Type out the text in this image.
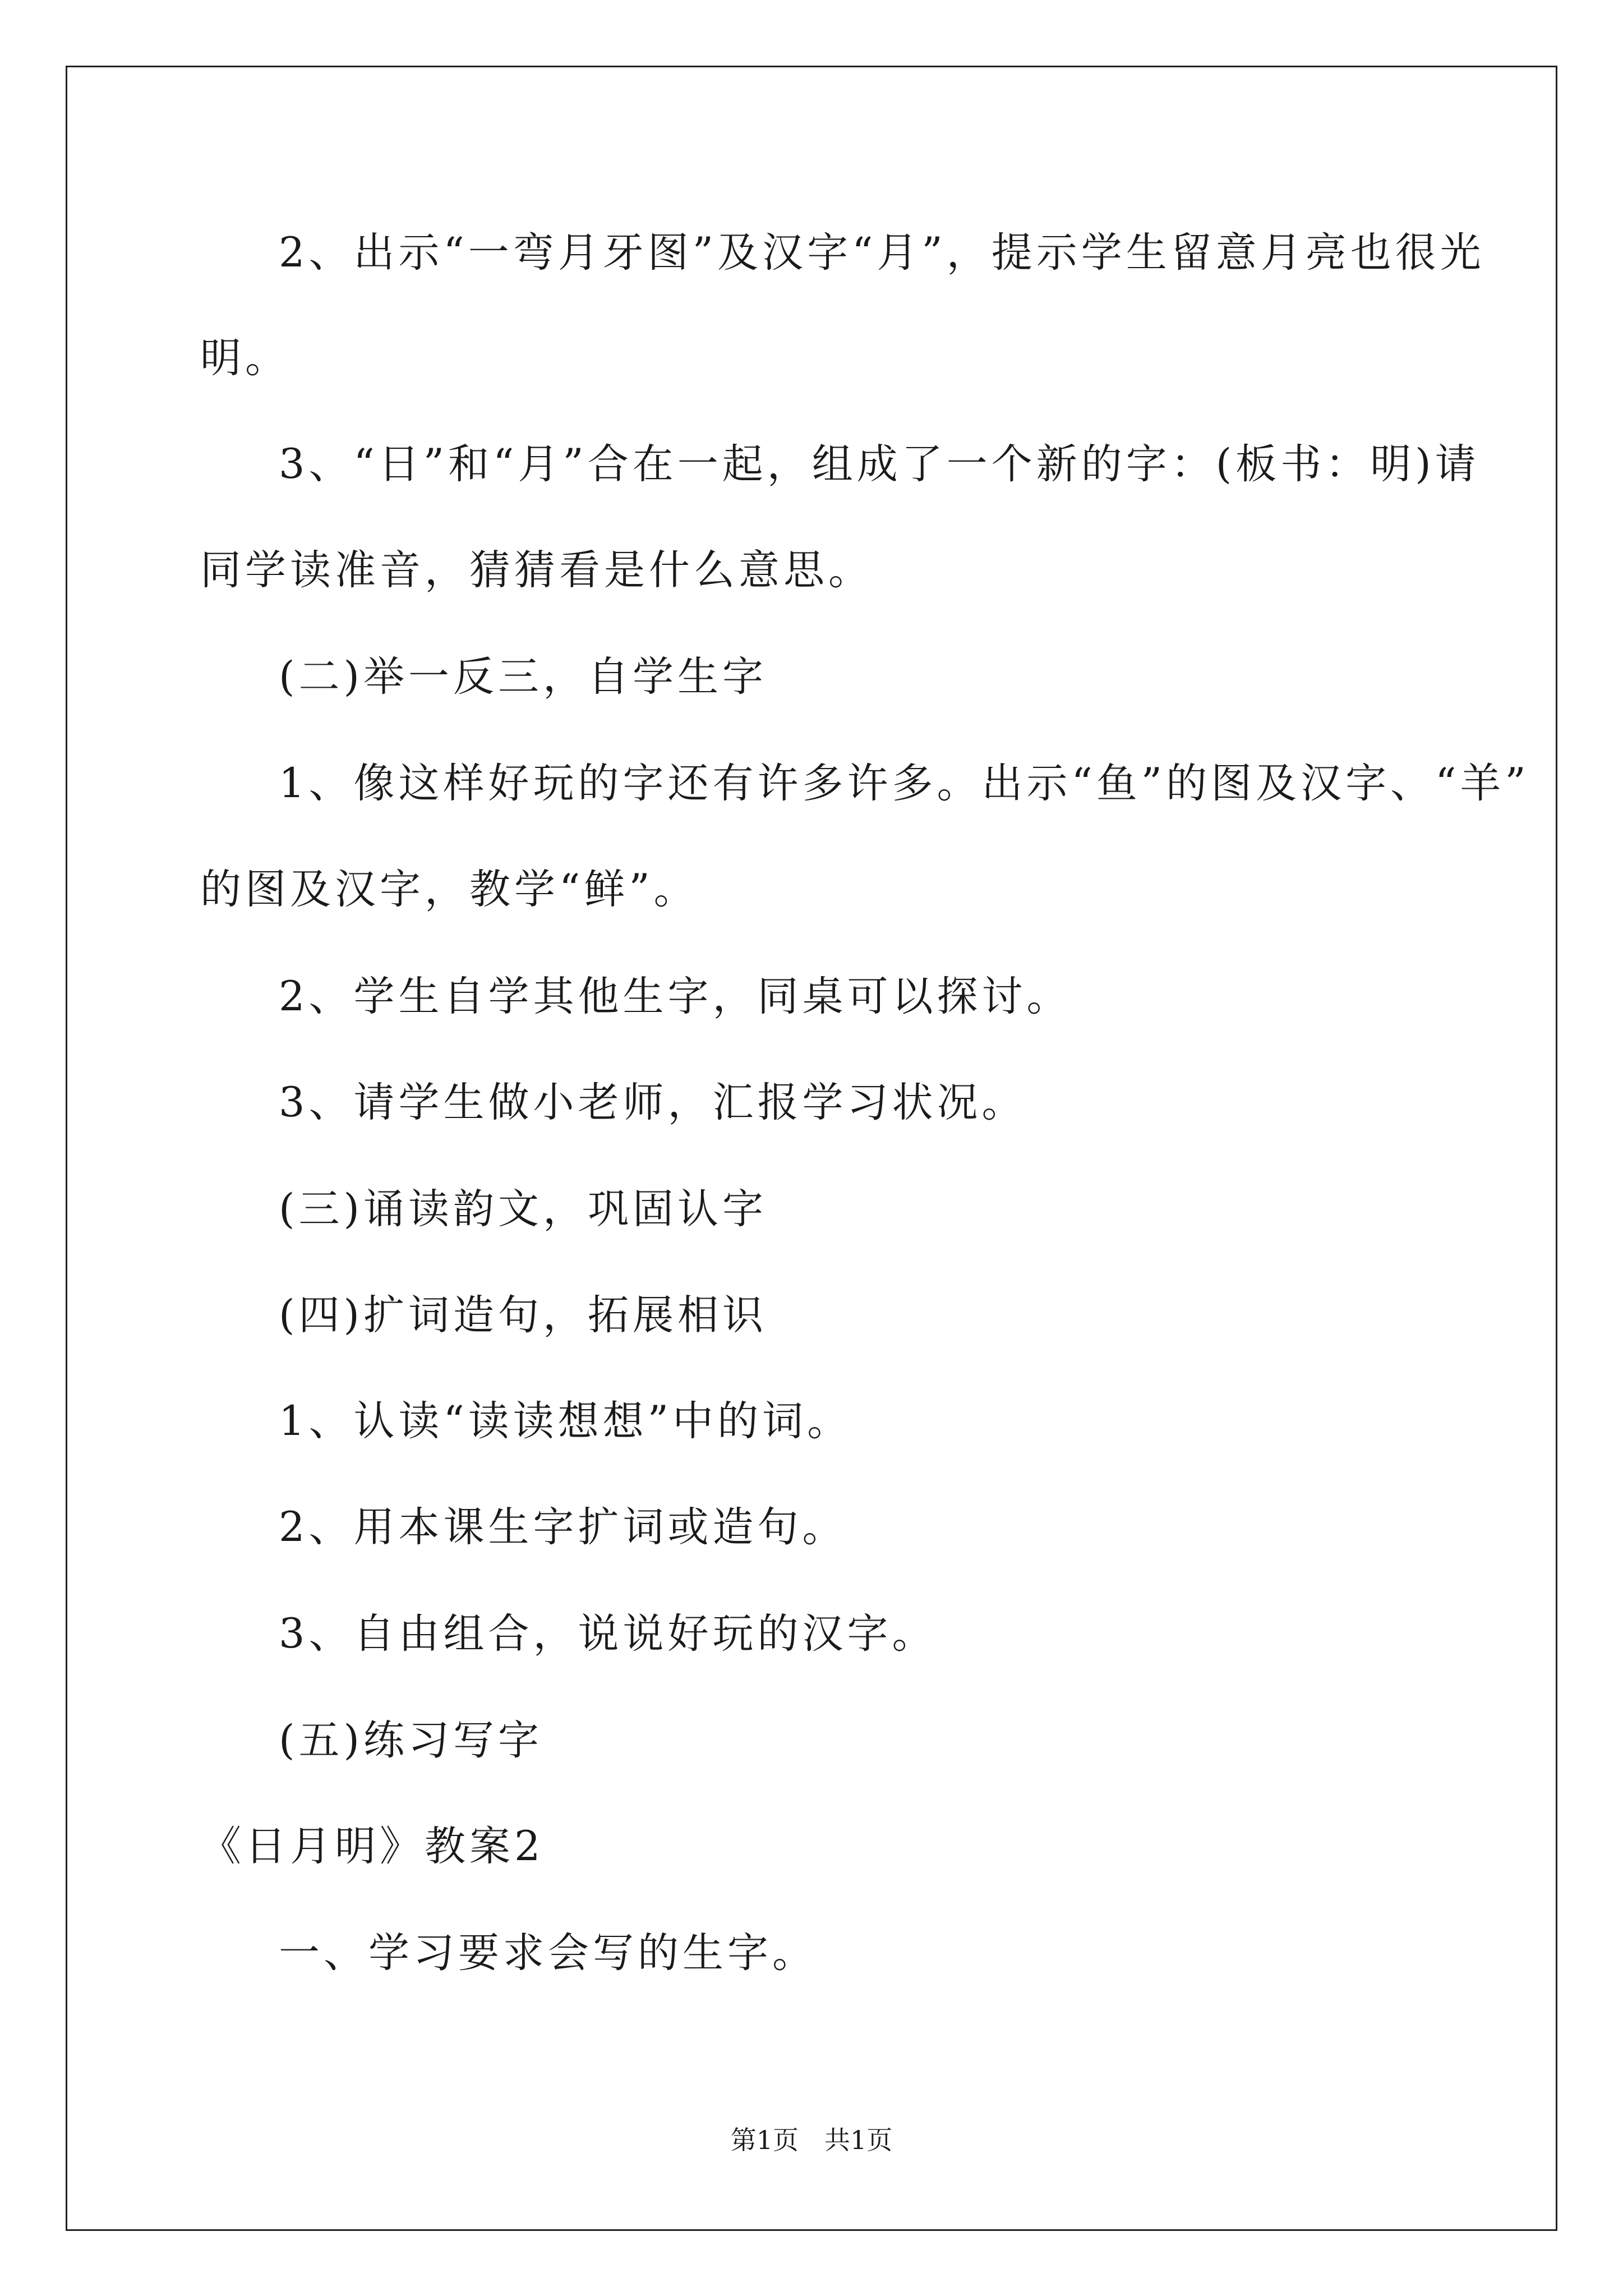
2、出示“一弯月牙图”及汉字“月”，提示学生留意月亮也很光
明。
3、“日”和“月”合在一起，组成了一个新的字：(板书：明)请
同学读准音，猜猜看是什么意思。
(二)举一反三，自学生字
1、像这样好玩的字还有许多许多。出示“鱼”的图及汉字、“羊”
的图及汉字，教学“鲜”。
2、学生自学其他生字，同桌可以探讨。
3、请学生做小老师，汇报学习状况。
(三)诵读韵文，巩固认字
(四)扩词造句，拓展相识
1、认读“读读想想”中的词。
2、用本课生字扩词或造句。
3、自由组合，说说好玩的汉字。
(五)练习写字
《日月明》教案2
一、学习要求会写的生字。
第1页　共1页
